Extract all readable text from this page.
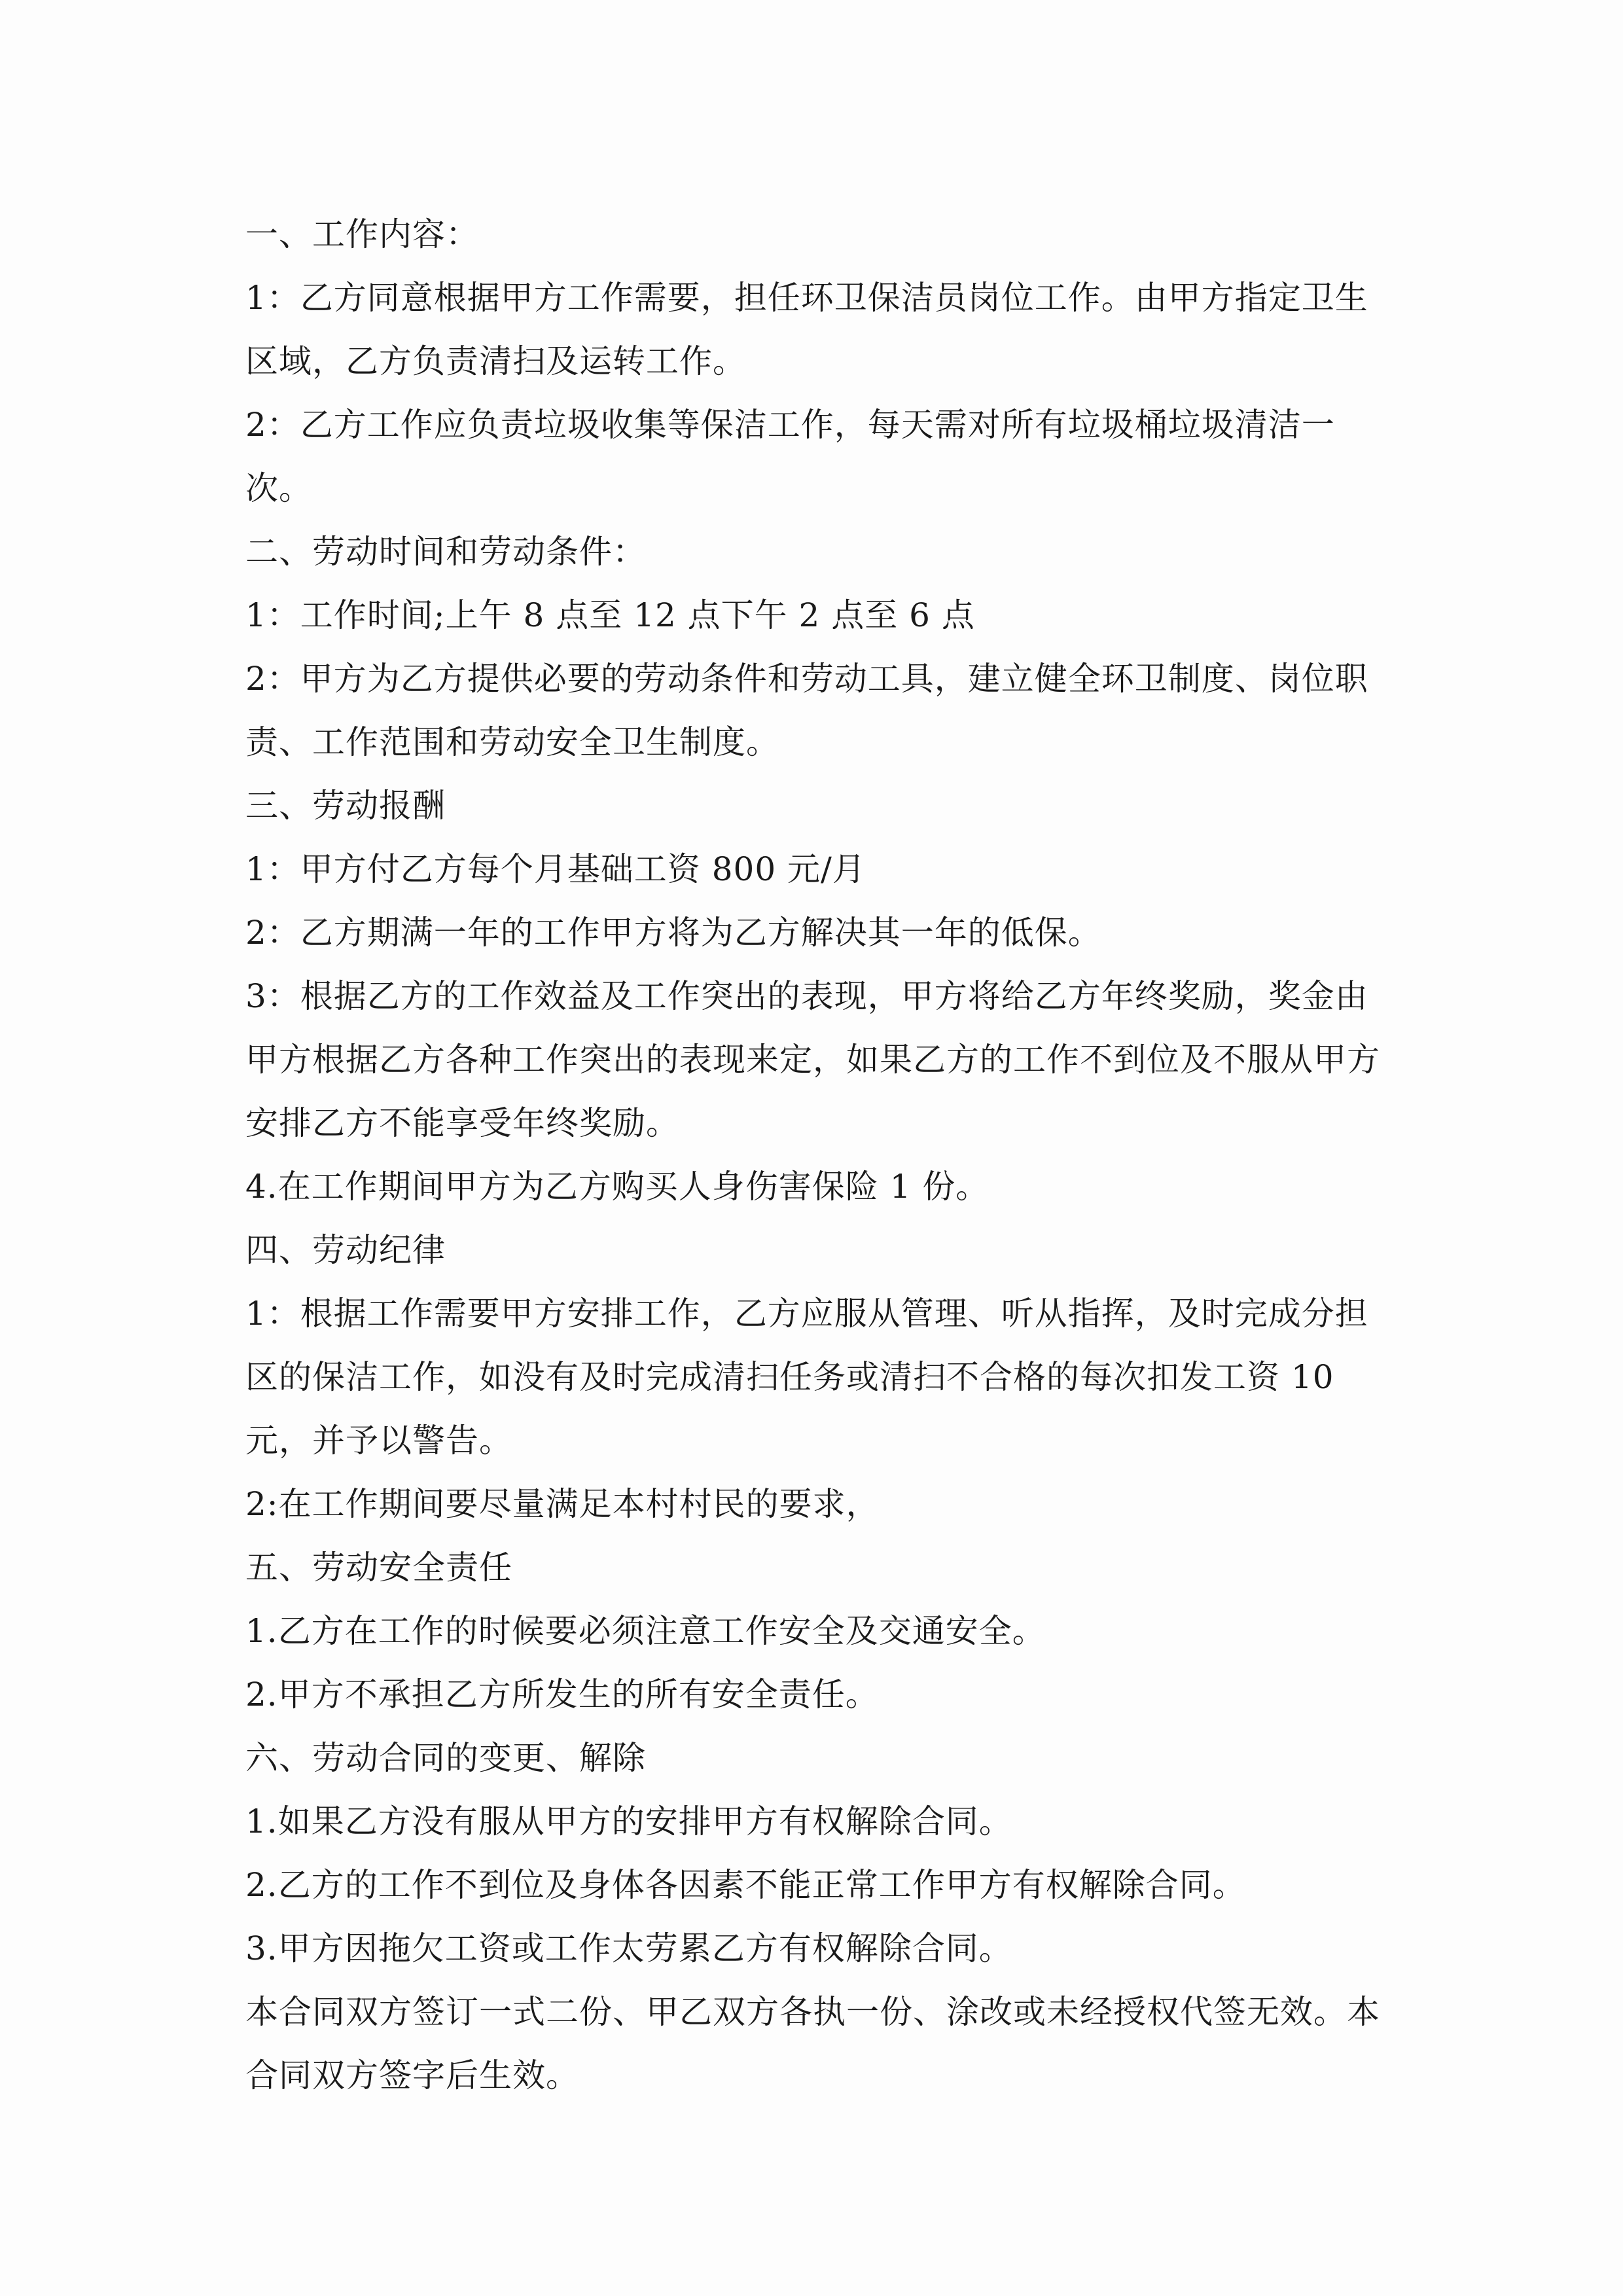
一、工作内容：

1：乙方同意根据甲方工作需要，担任环卫保洁员岗位工作。由甲方指定卫生区域，乙方负责清扫及运转工作。

2：乙方工作应负责垃圾收集等保洁工作，每天需对所有垃圾桶垃圾清洁一次。

二、劳动时间和劳动条件：

1：工作时间;上午 8 点至 12 点下午 2 点至 6 点

2：甲方为乙方提供必要的劳动条件和劳动工具，建立健全环卫制度、岗位职责、工作范围和劳动安全卫生制度。

三、劳动报酬

1：甲方付乙方每个月基础工资 800 元/月

2：乙方期满一年的工作甲方将为乙方解决其一年的低保。

3：根据乙方的工作效益及工作突出的表现，甲方将给乙方年终奖励，奖金由甲方根据乙方各种工作突出的表现来定，如果乙方的工作不到位及不服从甲方安排乙方不能享受年终奖励。

4.在工作期间甲方为乙方购买人身伤害保险 1 份。

四、劳动纪律

1：根据工作需要甲方安排工作，乙方应服从管理、听从指挥，及时完成分担区的保洁工作，如没有及时完成清扫任务或清扫不合格的每次扣发工资 10 元，并予以警告。

2:在工作期间要尽量满足本村村民的要求，

五、劳动安全责任

1.乙方在工作的时候要必须注意工作安全及交通安全。

2.甲方不承担乙方所发生的所有安全责任。

六、劳动合同的变更、解除

1.如果乙方没有服从甲方的安排甲方有权解除合同。

2.乙方的工作不到位及身体各因素不能正常工作甲方有权解除合同。

3.甲方因拖欠工资或工作太劳累乙方有权解除合同。

本合同双方签订一式二份、甲乙双方各执一份、涂改或未经授权代签无效。本合同双方签字后生效。
